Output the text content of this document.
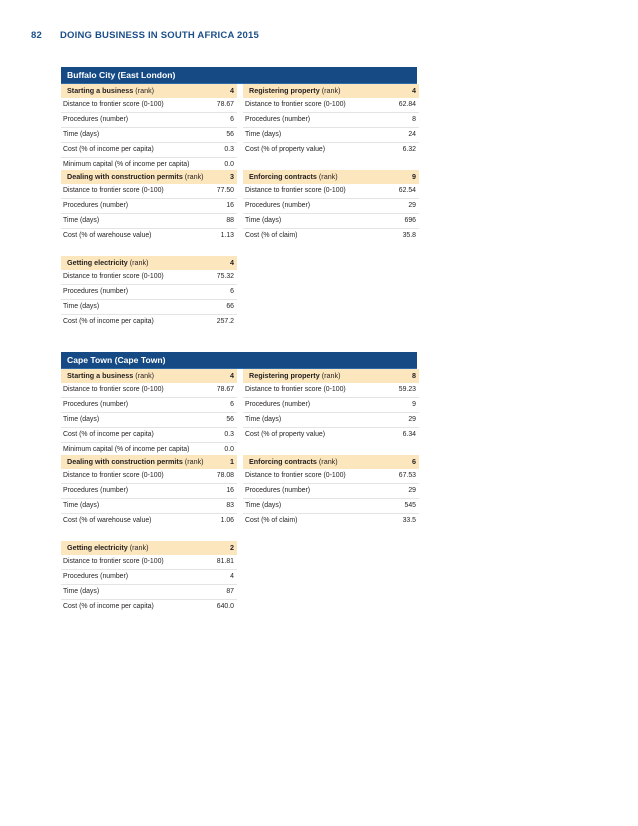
82 DOING BUSINESS IN SOUTH AFRICA 2015
Buffalo City (East London)
Starting a business (rank)	4
Distance to frontier score (0-100)	78.67
Procedures (number)	6
Time (days)	56
Cost (% of income per capita)	0.3
Minimum capital (% of income per capita)	0.0
Registering property (rank)	4
Distance to frontier score (0-100)	62.84
Procedures (number)	8
Time (days)	24
Cost (% of property value)	6.32
Dealing with construction permits (rank)	3
Distance to frontier score (0-100)	77.50
Procedures (number)	16
Time (days)	88
Cost (% of warehouse value)	1.13
Enforcing contracts (rank)	9
Distance to frontier score (0-100)	62.54
Procedures (number)	29
Time (days)	696
Cost (% of claim)	35.8
Getting electricity (rank)	4
Distance to frontier score (0-100)	75.32
Procedures (number)	6
Time (days)	66
Cost (% of income per capita)	257.2
Cape Town (Cape Town)
Starting a business (rank)	4
Distance to frontier score (0-100)	78.67
Procedures (number)	6
Time (days)	56
Cost (% of income per capita)	0.3
Minimum capital (% of income per capita)	0.0
Registering property (rank)	8
Distance to frontier score (0-100)	59.23
Procedures (number)	9
Time (days)	29
Cost (% of property value)	6.34
Dealing with construction permits (rank)	1
Distance to frontier score (0-100)	78.08
Procedures (number)	16
Time (days)	83
Cost (% of warehouse value)	1.06
Enforcing contracts (rank)	6
Distance to frontier score (0-100)	67.53
Procedures (number)	29
Time (days)	545
Cost (% of claim)	33.5
Getting electricity (rank)	2
Distance to frontier score (0-100)	81.81
Procedures (number)	4
Time (days)	87
Cost (% of income per capita)	640.0
